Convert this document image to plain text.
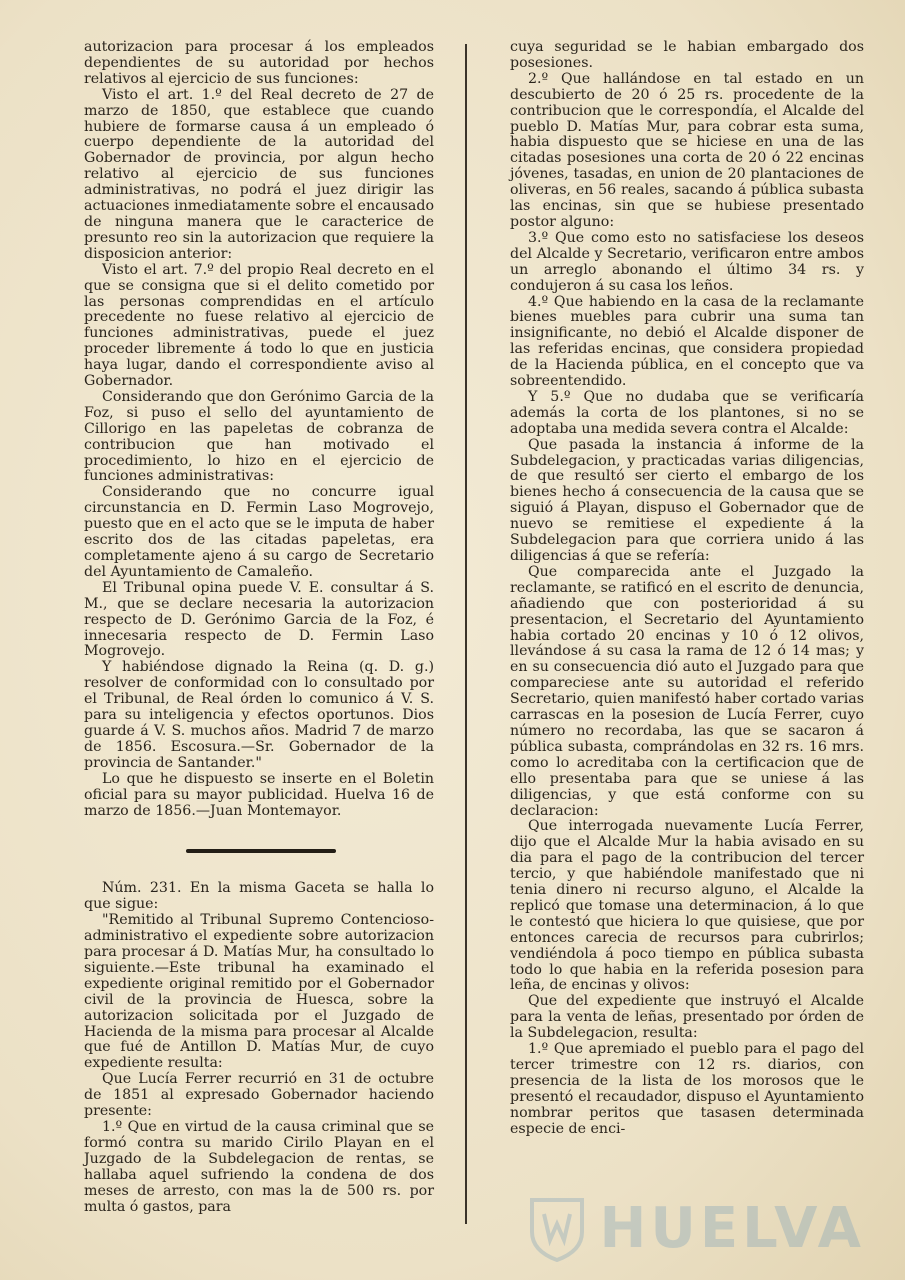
autorizacion para procesar á los empleados dependientes de su autoridad por hechos relativos al ejercicio de sus funciones:

Visto el art. 1.º del Real decreto de 27 de marzo de 1850, que establece que cuando hubiere de formarse causa á un empleado ó cuerpo dependiente de la autoridad del Gobernador de provincia, por algun hecho relativo al ejercicio de sus funciones administrativas, no podrá el juez dirigir las actuaciones inmediatamente sobre el encausado de ninguna manera que le caracterice de presunto reo sin la autorizacion que requiere la disposicion anterior:

Visto el art. 7.º del propio Real decreto en el que se consigna que si el delito cometido por las personas comprendidas en el artículo precedente no fuese relativo al ejercicio de funciones administrativas, puede el juez proceder libremente á todo lo que en justicia haya lugar, dando el correspondiente aviso al Gobernador.

Considerando que don Gerónimo Garcia de la Foz, si puso el sello del ayuntamiento de Cillorigo en las papeletas de cobranza de contribucion que han motivado el procedimiento, lo hizo en el ejercicio de funciones administrativas:

Considerando que no concurre igual circunstancia en D. Fermin Laso Mogrovejo, puesto que en el acto que se le imputa de haber escrito dos de las citadas papeletas, era completamente ajeno á su cargo de Secretario del Ayuntamiento de Camaleño.

El Tribunal opina puede V. E. consultar á S. M., que se declare necesaria la autorizacion respecto de D. Gerónimo Garcia de la Foz, é innecesaria respecto de D. Fermin Laso Mogrovejo.

Y habiéndose dignado la Reina (q. D. g.) resolver de conformidad con lo consultado por el Tribunal, de Real órden lo comunico á V. S. para su inteligencia y efectos oportunos. Dios guarde á V. S. muchos años. Madrid 7 de marzo de 1856. Escosura.—Sr. Gobernador de la provincia de Santander."

Lo que he dispuesto se inserte en el Boletin oficial para su mayor publicidad. Huelva 16 de marzo de 1856.—Juan Montemayor.

Núm. 231. En la misma Gaceta se halla lo que sigue:

"Remitido al Tribunal Supremo Contencioso-administrativo el expediente sobre autorizacion para procesar á D. Matías Mur, ha consultado lo siguiente.—Este tribunal ha examinado el expediente original remitido por el Gobernador civil de la provincia de Huesca, sobre la autorizacion solicitada por el Juzgado de Hacienda de la misma para procesar al Alcalde que fué de Antillon D. Matías Mur, de cuyo expediente resulta:

Que Lucía Ferrer recurrió en 31 de octubre de 1851 al expresado Gobernador haciendo presente:

1.º Que en virtud de la causa criminal que se formó contra su marido Cirilo Playan en el Juzgado de la Subdelegacion de rentas, se hallaba aquel sufriendo la condena de dos meses de arresto, con mas la de 500 rs. por multa ó gastos, para

cuya seguridad se le habian embargado dos posesiones.

2.º Que hallándose en tal estado en un descubierto de 20 ó 25 rs. procedente de la contribucion que le correspondía, el Alcalde del pueblo D. Matías Mur, para cobrar esta suma, habia dispuesto que se hiciese en una de las citadas posesiones una corta de 20 ó 22 encinas jóvenes, tasadas, en union de 20 plantaciones de oliveras, en 56 reales, sacando á pública subasta las encinas, sin que se hubiese presentado postor alguno:

3.º Que como esto no satisfaciese los deseos del Alcalde y Secretario, verificaron entre ambos un arreglo abonando el último 34 rs. y condujeron á su casa los leños.

4.º Que habiendo en la casa de la reclamante bienes muebles para cubrir una suma tan insignificante, no debió el Alcalde disponer de las referidas encinas, que considera propiedad de la Hacienda pública, en el concepto que va sobreentendido.

Y 5.º Que no dudaba que se verificaría además la corta de los plantones, si no se adoptaba una medida severa contra el Alcalde:

Que pasada la instancia á informe de la Subdelegacion, y practicadas varias diligencias, de que resultó ser cierto el embargo de los bienes hecho á consecuencia de la causa que se siguió á Playan, dispuso el Gobernador que de nuevo se remitiese el expediente á la Subdelegacion para que corriera unido á las diligencias á que se refería:

Que comparecida ante el Juzgado la reclamante, se ratificó en el escrito de denuncia, añadiendo que con posterioridad á su presentacion, el Secretario del Ayuntamiento habia cortado 20 encinas y 10 ó 12 olivos, llevándose á su casa la rama de 12 ó 14 mas; y en su consecuencia dió auto el Juzgado para que compareciese ante su autoridad el referido Secretario, quien manifestó haber cortado varias carrascas en la posesion de Lucía Ferrer, cuyo número no recordaba, las que se sacaron á pública subasta, comprándolas en 32 rs. 16 mrs. como lo acreditaba con la certificacion que de ello presentaba para que se uniese á las diligencias, y que está conforme con su declaracion:

Que interrogada nuevamente Lucía Ferrer, dijo que el Alcalde Mur la habia avisado en su dia para el pago de la contribucion del tercer tercio, y que habiéndole manifestado que ni tenia dinero ni recurso alguno, el Alcalde la replicó que tomase una determinacion, á lo que le contestó que hiciera lo que quisiese, que por entonces carecia de recursos para cubrirlos; vendiéndola á poco tiempo en pública subasta todo lo que habia en la referida posesion para leña, de encinas y olivos:

Que del expediente que instruyó el Alcalde para la venta de leñas, presentado por órden de la Subdelegacion, resulta:

1.º Que apremiado el pueblo para el pago del tercer trimestre con 12 rs. diarios, con presencia de la lista de los morosos que le presentó el recaudador, dispuso el Ayuntamiento nombrar peritos que tasasen determinada especie de enci-

HUELVA
